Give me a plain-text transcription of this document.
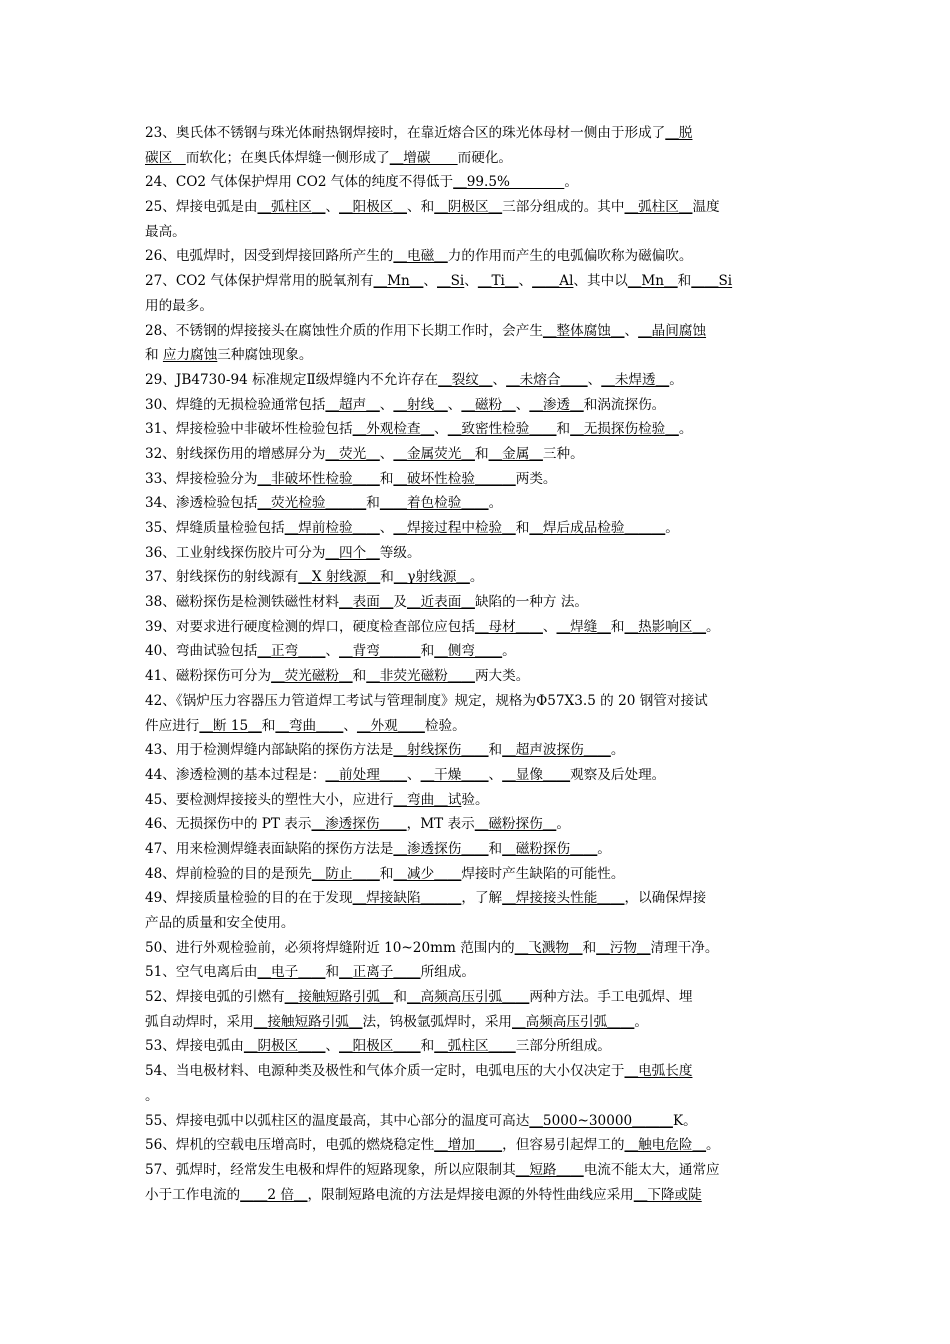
23、奥氏体不锈钢与珠光体耐热钢焊接时，在靠近熔合区的珠光体母材一侧由于形成了＿脱
碳区　而软化；在奥氏体焊缝一侧形成了＿增碳　　而硬化。
24、CO2 气体保护焊用 CO2 气体的纯度不得低于＿99.5%　　　　。
25、焊接电弧是由＿弧柱区＿、＿阳极区＿、和＿阴极区＿三部分组成的。其中＿弧柱区＿温度
最高。
26、电弧焊时，因受到焊接回路所产生的＿电磁＿力的作用而产生的电弧偏吹称为磁偏吹。
27、CO2 气体保护焊常用的脱氧剂有＿Mn＿、＿Si、＿Ti＿、＿＿Al、其中以＿Mn＿和＿＿Si
用的最多。
28、不锈钢的焊接接头在腐蚀性介质的作用下长期工作时，会产生＿整体腐蚀＿、＿晶间腐蚀
和 应力腐蚀三种腐蚀现象。
29、JB4730-94 标准规定Ⅱ级焊缝内不允许存在＿裂纹＿、＿未熔合＿＿、＿未焊透＿。
30、焊缝的无损检验通常包括＿超声＿、＿射线＿、＿磁粉＿、＿渗透＿和涡流探伤。
31、焊接检验中非破坏性检验包括＿外观检查＿、＿致密性检验＿＿和＿无损探伤检验＿。
32、射线探伤用的增感屏分为＿荧光＿、＿金属荧光＿和＿金属＿三种。
33、焊接检验分为＿非破坏性检验＿＿和＿破坏性检验＿＿＿两类。
34、渗透检验包括＿荧光检验＿＿＿和＿＿着色检验＿＿。
35、焊缝质量检验包括＿焊前检验＿＿、＿焊接过程中检验＿和＿焊后成品检验＿＿＿。
36、工业射线探伤胶片可分为＿四个＿等级。
37、射线探伤的射线源有＿X 射线源＿和＿γ射线源＿。
38、磁粉探伤是检测铁磁性材料＿表面＿及＿近表面＿缺陷的一种方 法。
39、对要求进行硬度检测的焊口，硬度检查部位应包括＿母材＿＿、＿焊缝＿和＿热影响区＿。
40、弯曲试验包括＿正弯＿＿、＿背弯＿＿＿和＿侧弯＿＿。
41、磁粉探伤可分为＿荧光磁粉＿和＿非荧光磁粉＿＿两大类。
42、《锅炉压力容器压力管道焊工考试与管理制度》规定，规格为Φ57X3.5 的 20 钢管对接试
件应进行＿断 15＿和＿弯曲＿＿、＿外观＿＿检验。
43、用于检测焊缝内部缺陷的探伤方法是＿射线探伤＿＿和＿超声波探伤＿＿。
44、渗透检测的基本过程是：＿前处理＿＿、＿干燥＿＿、＿显像＿＿观察及后处理。
45、要检测焊接接头的塑性大小，应进行＿弯曲＿试验。
46、无损探伤中的 PT 表示＿渗透探伤＿＿，MT 表示＿磁粉探伤＿。
47、用来检测焊缝表面缺陷的探伤方法是＿渗透探伤＿＿和＿磁粉探伤＿＿。
48、焊前检验的目的是预先＿防止＿＿和＿减少＿＿焊接时产生缺陷的可能性。
49、焊接质量检验的目的在于发现＿焊接缺陷＿＿＿，了解＿焊接接头性能＿＿，以确保焊接
产品的质量和安全使用。
50、进行外观检验前，必须将焊缝附近 10~20mm 范围内的＿飞溅物＿和＿污物＿清理干净。
51、空气电离后由＿电子＿＿和＿正离子＿＿所组成。
52、焊接电弧的引燃有＿接触短路引弧＿和＿高频高压引弧＿＿两种方法。手工电弧焊、埋
弧自动焊时，采用＿接触短路引弧＿法，钨极氩弧焊时，采用＿高频高压引弧＿＿。
53、焊接电弧由＿阴极区＿＿、＿阳极区＿＿和＿弧柱区＿＿三部分所组成。
54、当电极材料、电源种类及极性和气体介质一定时，电弧电压的大小仅决定于＿电弧长度
。
55、焊接电弧中以弧柱区的温度最高，其中心部分的温度可高达＿5000~30000＿＿＿K。
56、焊机的空载电压增高时，电弧的燃烧稳定性＿增加＿＿，但容易引起焊工的＿触电危险＿。
57、弧焊时，经常发生电极和焊件的短路现象，所以应限制其＿短路＿＿电流不能太大，通常应
小于工作电流的＿＿2 倍＿，限制短路电流的方法是焊接电源的外特性曲线应采用＿下降或陡
